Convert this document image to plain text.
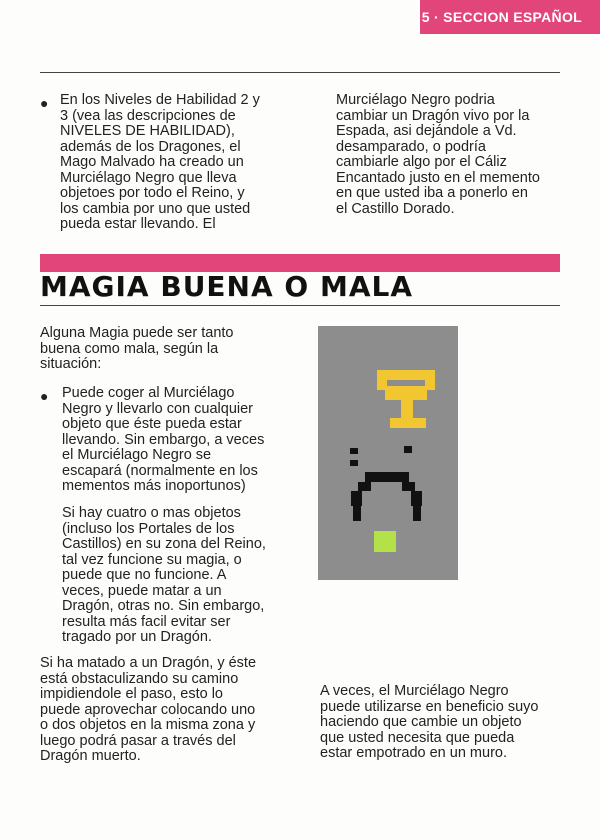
5 · SECCION ESPAÑOL
● En los Niveles de Habilidad 2 y
3 (vea las descripciones de
NIVELES DE HABILIDAD),
además de los Dragones, el
Mago Malvado ha creado un
Murciélago Negro que lleva
objetoes por todo el Reino, y
los cambia por uno que usted
pueda estar llevando. El
Murciélago Negro podria
cambiar un Dragón vivo por la
Espada, asi dejándole a Vd.
desamparado, o podría
cambiarle algo por el Cáliz
Encantado justo en el memento
en que usted iba a ponerlo en
el Castillo Dorado.
MAGIA BUENA O MALA
Alguna Magia puede ser tanto
buena como mala, según la
situación:
● Puede coger al Murciélago
Negro y llevarlo con cualquier
objeto que éste pueda estar
llevando. Sin embargo, a veces
el Murciélago Negro se
escapará (normalmente en los
mementos más inoportunos)
Si hay cuatro o mas objetos
(incluso los Portales de los
Castillos) en su zona del Reino,
tal vez funcione su magia, o
puede que no funcione. A
veces, puede matar a un
Dragón, otras no. Sin embargo,
resulta más facil evitar ser
tragado por un Dragón.
Si ha matado a un Dragón, y éste
está obstaculizando su camino
impidiendole el paso, esto lo
puede aprovechar colocando uno
o dos objetos en la misma zona y
luego podrá pasar a través del
Dragón muerto.
A veces, el Murciélago Negro
puede utilizarse en beneficio suyo
haciendo que cambie un objeto
que usted necesita que pueda
estar empotrado en un muro.
